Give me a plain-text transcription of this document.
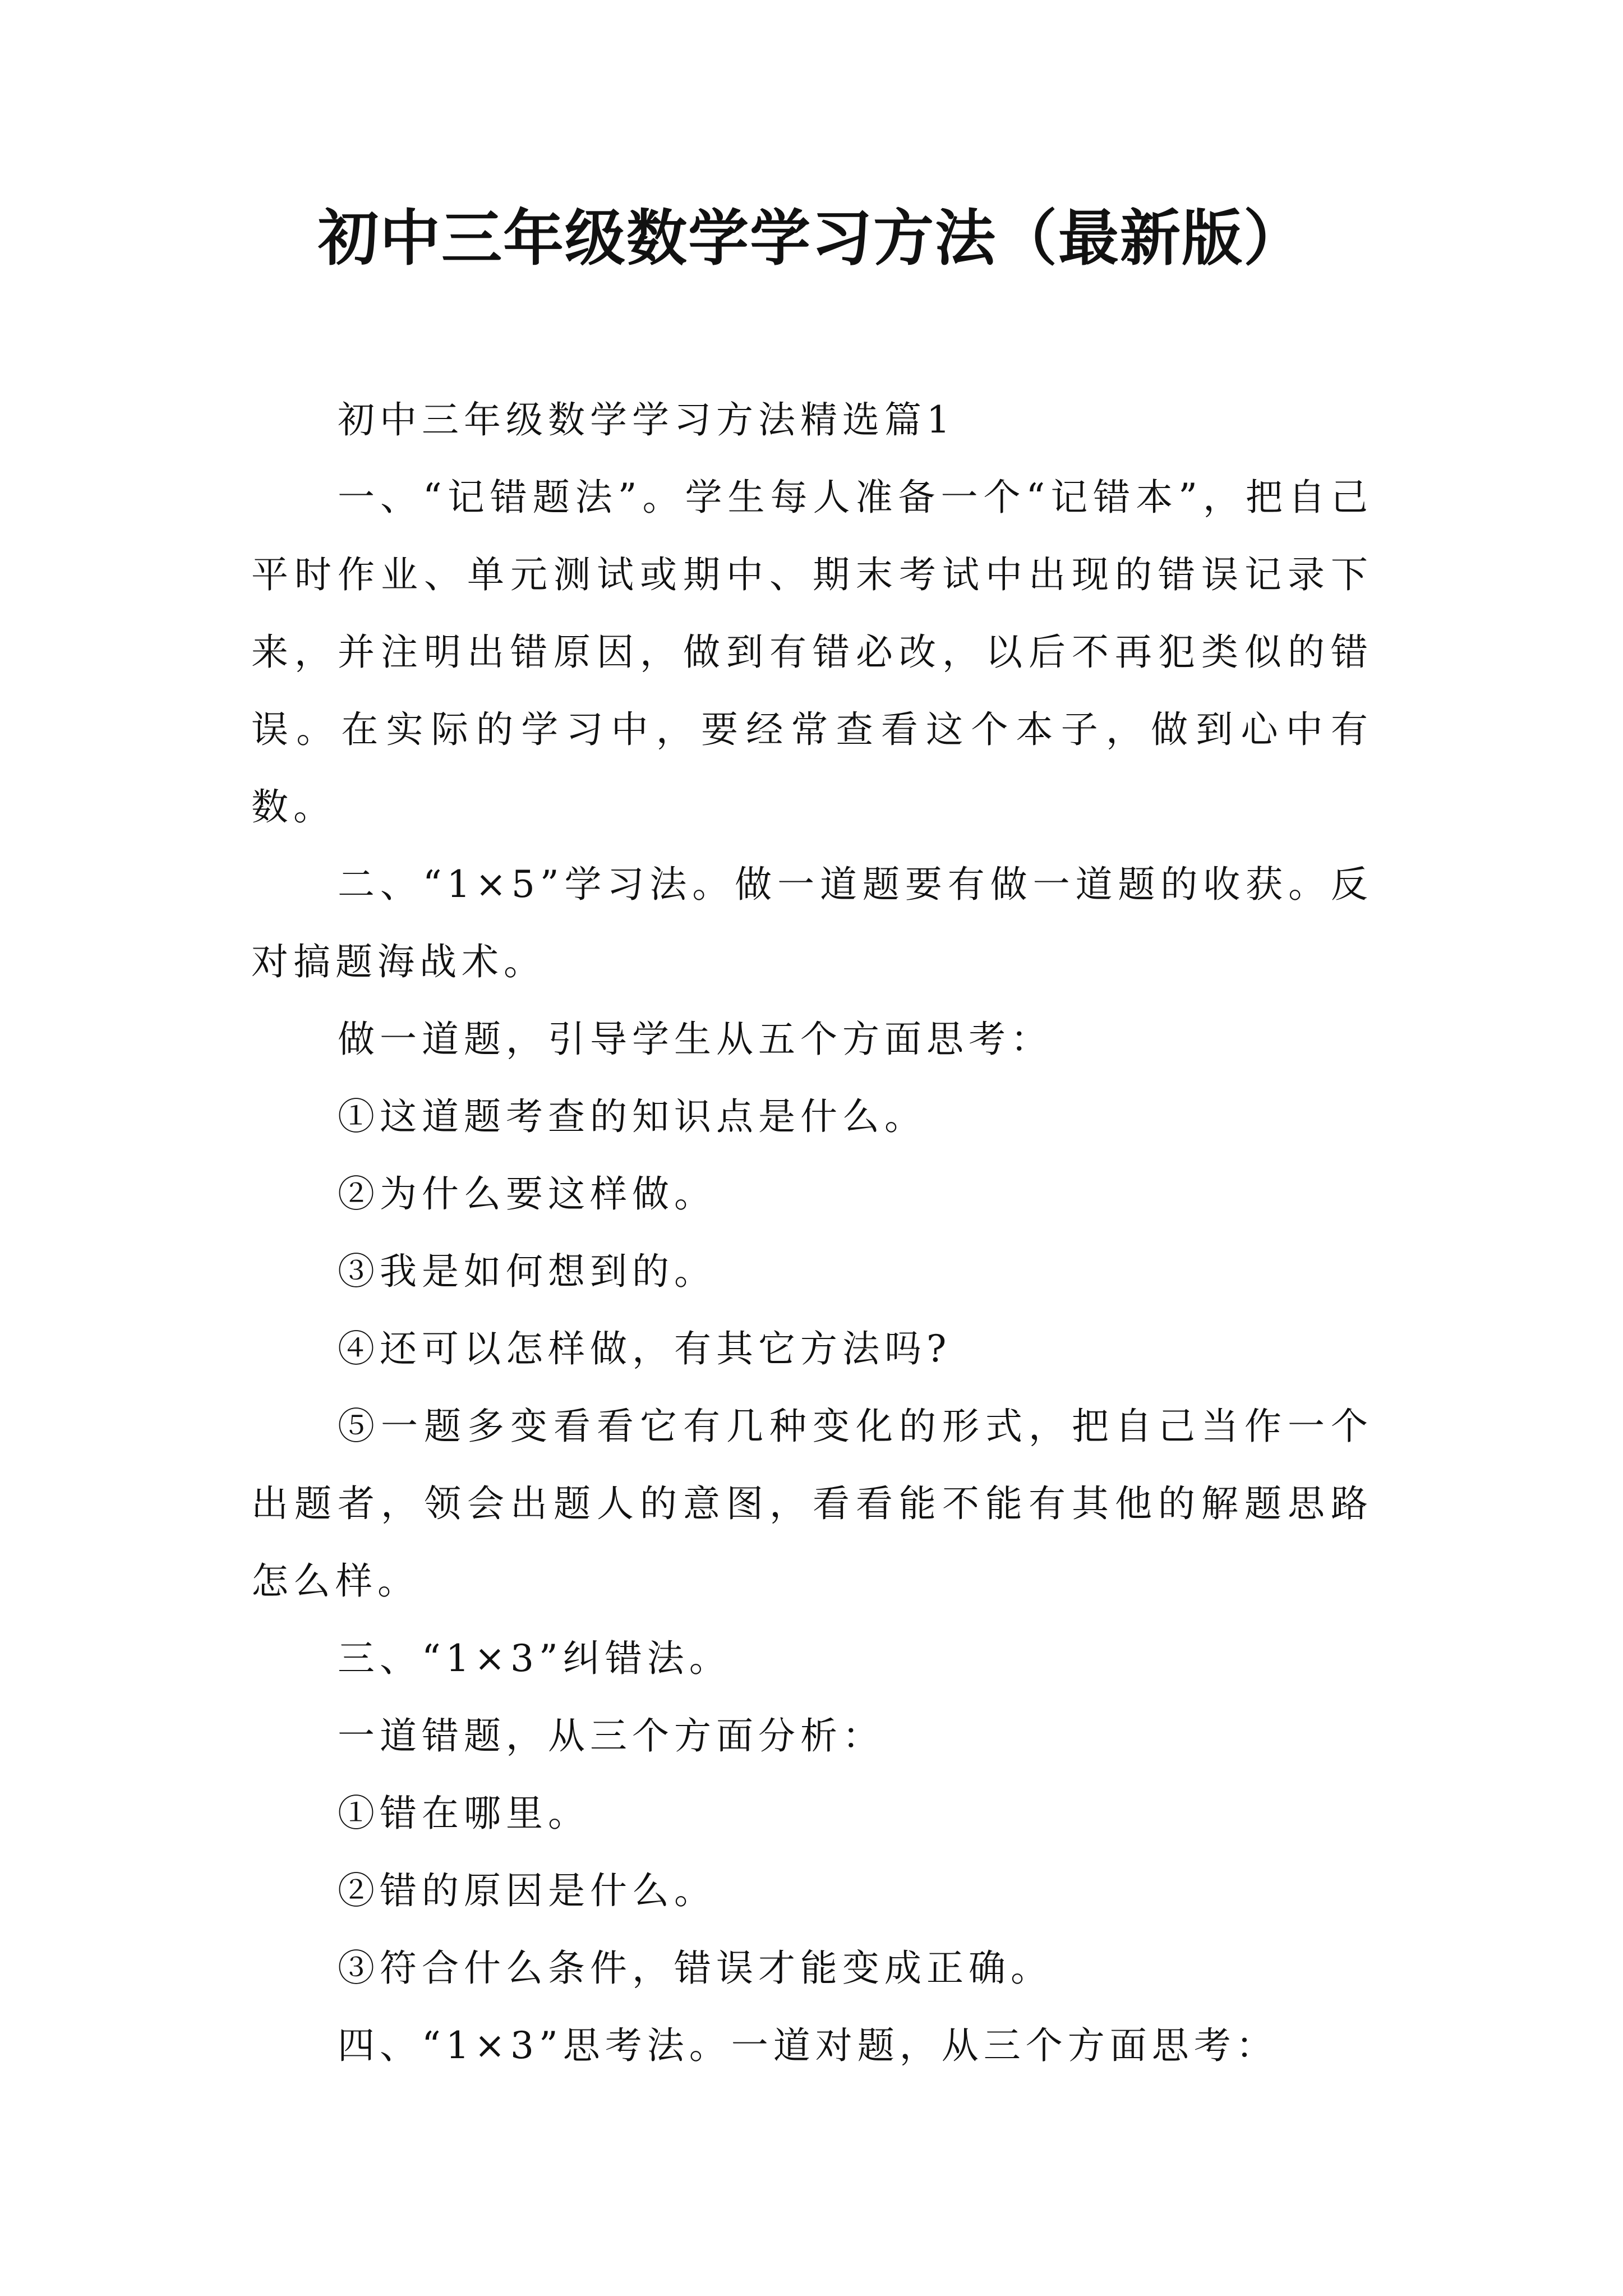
初中三年级数学学习方法（最新版）

初中三年级数学学习方法精选篇1

一、“记错题法”。学生每人准备一个“记错本”，把自己平时作业、单元测试或期中、期末考试中出现的错误记录下来，并注明出错原因，做到有错必改，以后不再犯类似的错误。在实际的学习中，要经常查看这个本子，做到心中有数。

二、“1×5”学习法。做一道题要有做一道题的收获。反对搞题海战术。

做一道题，引导学生从五个方面思考：

①这道题考查的知识点是什么。

②为什么要这样做。

③我是如何想到的。

④还可以怎样做，有其它方法吗?

⑤一题多变看看它有几种变化的形式，把自己当作一个出题者，领会出题人的意图，看看能不能有其他的解题思路怎么样。

三、“1×3”纠错法。

一道错题，从三个方面分析：

①错在哪里。

②错的原因是什么。

③符合什么条件，错误才能变成正确。

四、“1×3”思考法。一道对题，从三个方面思考：
